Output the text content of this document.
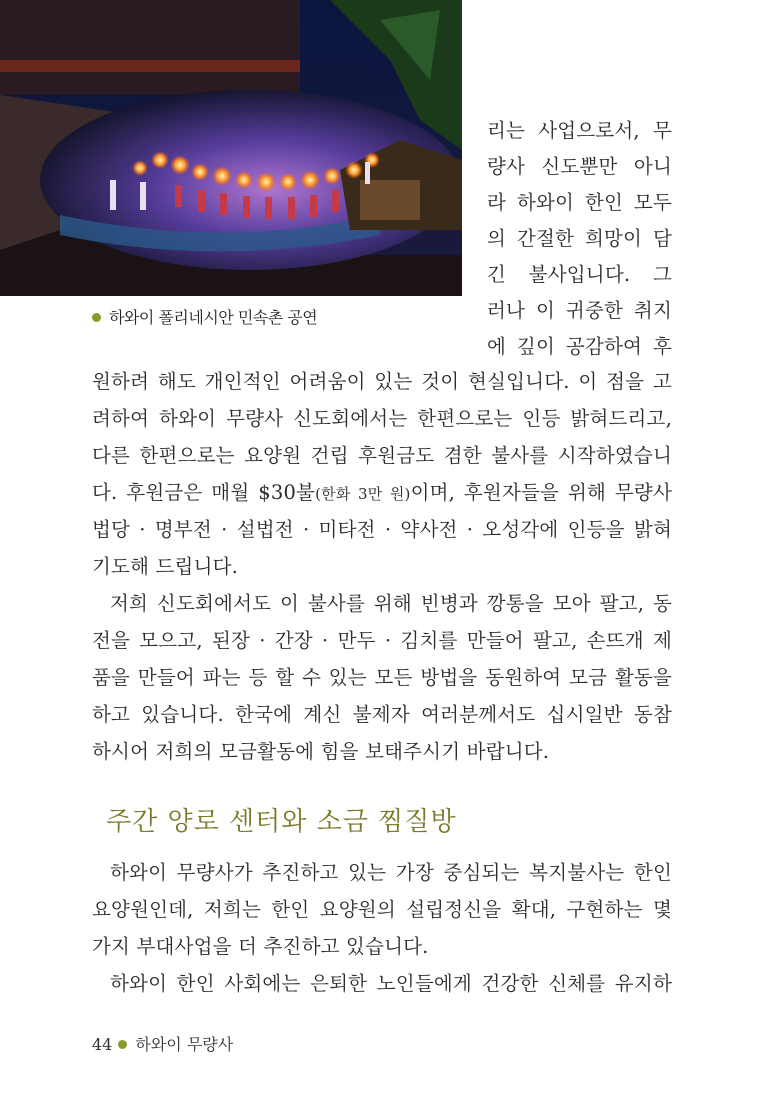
하와이 폴리네시안 민속촌 공연
리는 사업으로서, 무
량사 신도뿐만 아니
라 하와이 한인 모두
의 간절한 희망이 담
긴 불사입니다. 그
러나 이 귀중한 취지
에 깊이 공감하여 후
원하려 해도 개인적인 어려움이 있는 것이 현실입니다. 이 점을 고
려하여 하와이 무량사 신도회에서는 한편으로는 인등 밝혀드리고,
다른 한편으로는 요양원 건립 후원금도 겸한 불사를 시작하였습니
다. 후원금은 매월 $30불(한화 3만 원)이며, 후원자들을 위해 무량사
법당 · 명부전 · 설법전 · 미타전 · 약사전 · 오성각에 인등을 밝혀
기도해 드립니다.
저희 신도회에서도 이 불사를 위해 빈병과 깡통을 모아 팔고, 동
전을 모으고, 된장 · 간장 · 만두 · 김치를 만들어 팔고, 손뜨개 제
품을 만들어 파는 등 할 수 있는 모든 방법을 동원하여 모금 활동을
하고 있습니다. 한국에 계신 불제자 여러분께서도 십시일반 동참
하시어 저희의 모금활동에 힘을 보태주시기 바랍니다.
주간 양로 센터와 소금 찜질방
하와이 무량사가 추진하고 있는 가장 중심되는 복지불사는 한인
요양원인데, 저희는 한인 요양원의 설립정신을 확대, 구현하는 몇
가지 부대사업을 더 추진하고 있습니다.
하와이 한인 사회에는 은퇴한 노인들에게 건강한 신체를 유지하
44 하와이 무량사
